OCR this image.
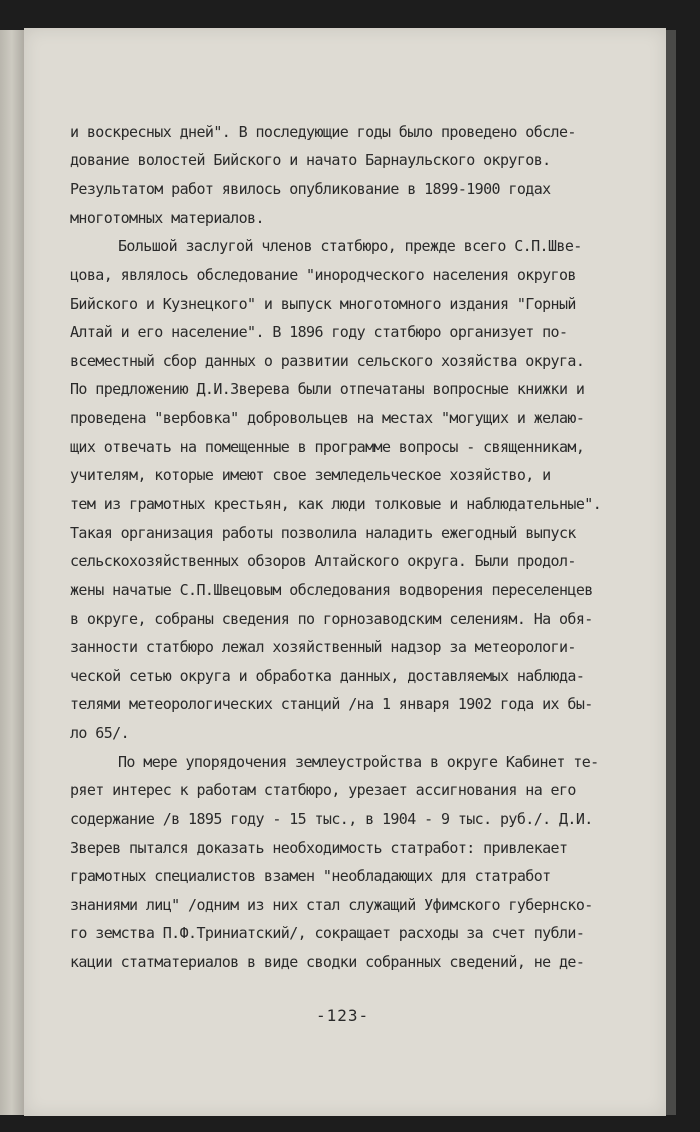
и воскресных дней". В последующие годы было проведено обсле-

дование волостей Бийского и начато Барнаульского округов.

Результатом работ явилось опубликование в 1899-1900 годах

многотомных материалов.

Большой заслугой членов статбюро, прежде всего С.П.Шве-

цова, являлось обследование "инородческого населения округов

Бийского и Кузнецкого" и выпуск многотомного издания "Горный

Алтай и его население". В 1896 году статбюро организует по-

всеместный сбор данных о развитии сельского хозяйства округа.

По предложению Д.И.Зверева были отпечатаны вопросные книжки и

проведена "вербовка" добровольцев на местах "могущих и желаю-

щих отвечать на помещенные в программе вопросы - священникам,

учителям, которые имеют свое земледельческое хозяйство, и

тем из грамотных крестьян, как люди толковые и наблюдательные".

Такая организация работы позволила наладить ежегодный выпуск

сельскохозяйственных обзоров Алтайского округа. Были продол-

жены начатые С.П.Швецовым обследования водворения переселенцев

в округе, собраны сведения по горнозаводским селениям. На обя-

занности статбюро лежал хозяйственный надзор за метеорологи-

ческой сетью округа и обработка данных, доставляемых наблюда-

телями метеорологических станций /на 1 января 1902 года их бы-

ло 65/.

По мере упорядочения землеустройства в округе Кабинет те-

ряет интерес к работам статбюро, урезает ассигнования на его

содержание /в 1895 году - 15 тыс., в 1904 - 9 тыс. руб./. Д.И.

Зверев пытался доказать необходимость статработ: привлекает

грамотных специалистов взамен "необладающих для статработ

знаниями лиц" /одним из них стал служащий Уфимского губернско-

го земства П.Ф.Триниатский/, сокращает расходы за счет публи-

кации статматериалов в виде сводки собранных сведений, не де-

-123-
